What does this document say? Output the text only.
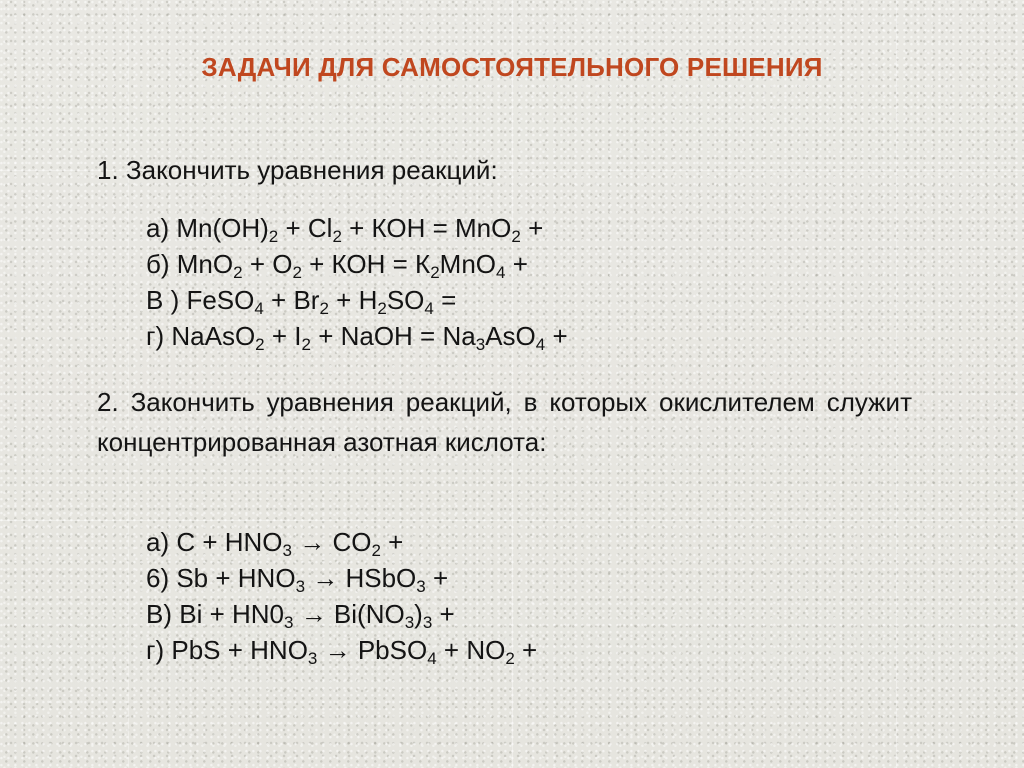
ЗАДАЧИ ДЛЯ САМОСТОЯТЕЛЬНОГО РЕШЕНИЯ
1. Закончить уравнения реакций:
а) $Mn(OH)_2 + Cl_2$ + КОН = MnO$_2$ +
б) $MnO_2 + O_2$ + КОН = $К_2MnO_4$ +
В ) FeSO$_4$ + $Br_2 + H_2SO_4$ =
г) NaAsO$_2$ + $I_2$ + NaOH = $Na_3AsO_4$ +
2. Закончить уравнения реакций, в которых окислителем служит концентрированная азотная кислота:
а) $С + HNO_3 \to CO_2$ +
6) $Sb + HNO_3$ → HSbO$_3$ +
В) $Bi + HN0_3 \to Bi(NO_3)_3$ +
г) PbS + $HNO_3$ → PbSO$_4$ + $NO_2$ +
